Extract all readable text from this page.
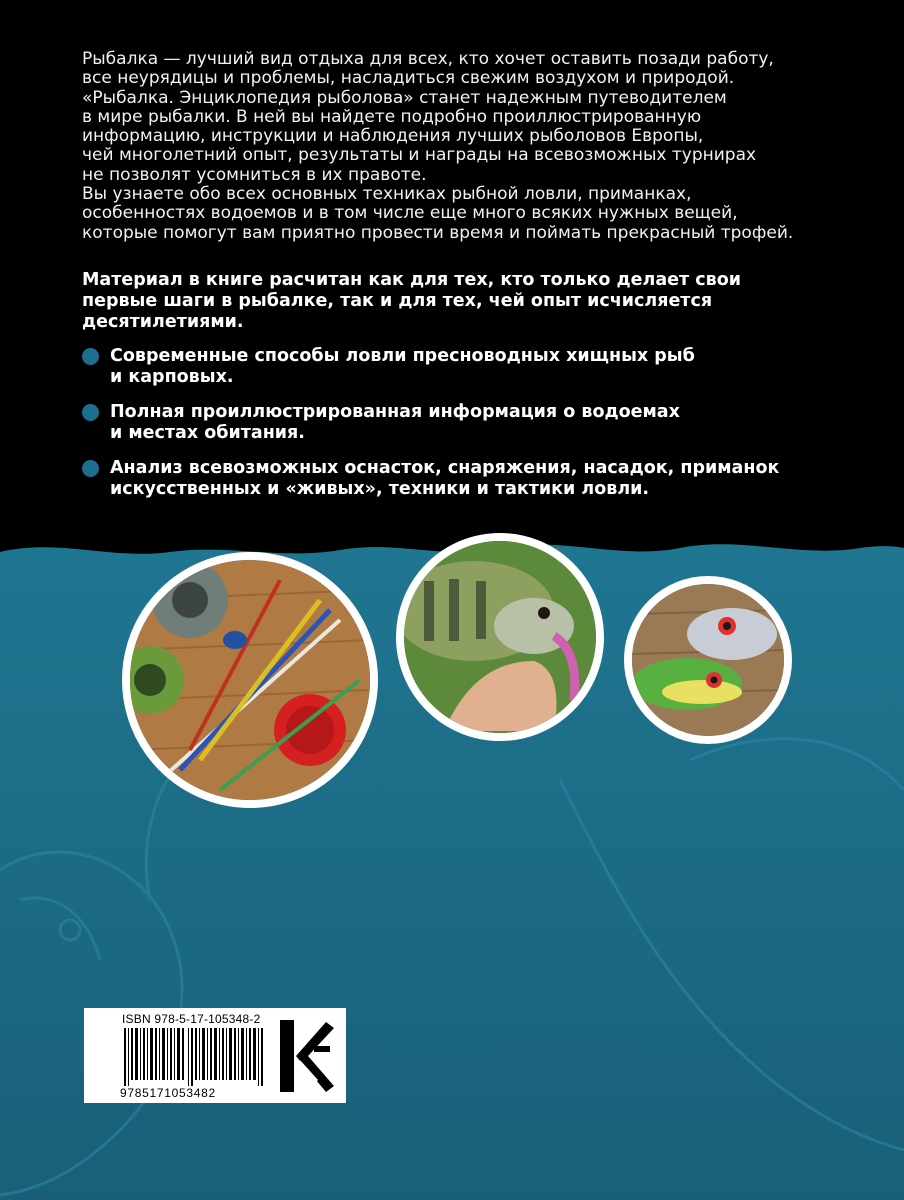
Рыбалка — лучший вид отдыха для всех, кто хочет оставить позади работу,

все неурядицы и проблемы, насладиться свежим воздухом и природой.

«Рыбалка. Энциклопедия рыболова» станет надежным путеводителем

в мире рыбалки. В ней вы найдете подробно проиллюстрированную

информацию, инструкции и наблюдения лучших рыболовов Европы,

чей многолетний опыт, результаты и награды на всевозможных турнирах

не позволят усомниться в их правоте.

Вы узнаете обо всех основных техниках рыбной ловли, приманках,

особенностях водоемов и в том числе еще много всяких нужных вещей,

которые помогут вам приятно провести время и поймать прекрасный трофей.

Материал в книге расчитан как для тех, кто только делает свои
первые шаги в рыбалке, так и для тех, чей опыт исчисляется
десятилетиями.
Современные способы ловли пресноводных хищных рыб
и карповых.
Полная проиллюстрированная информация о водоемах
и местах обитания.
Анализ всевозможных оснасток, снаряжения, насадок, приманок
искусственных и «живых», техники и тактики ловли.
ISBN 978-5-17-105348-2
9785171053482
